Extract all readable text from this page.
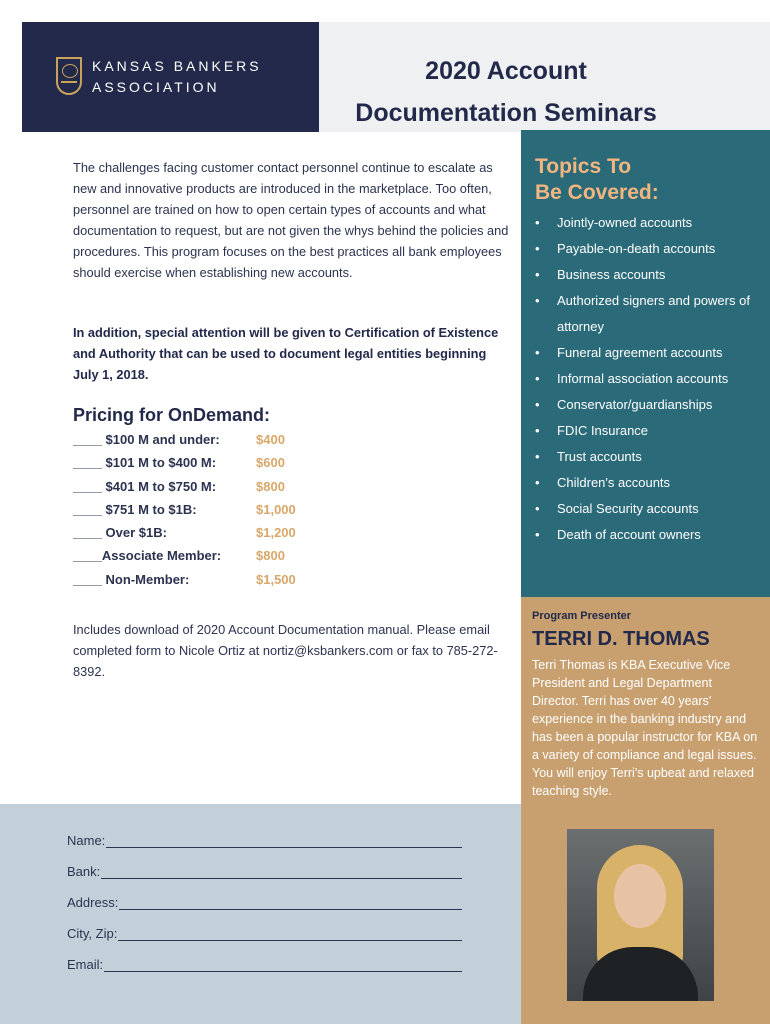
KANSAS BANKERS
ASSOCIATION
2020 Account
Documentation Seminars

The challenges facing customer contact personnel continue to escalate as new and innovative products are introduced in the marketplace. Too often, personnel are trained on how to open certain types of accounts and what documentation to request, but are not given the whys behind the policies and procedures. This program focuses on the best practices all bank employees should exercise when establishing new accounts.

In addition, special attention will be given to Certification of Existence and Authority that can be used to document legal entities beginning July 1, 2018.

Pricing for OnDemand:
____ $100 M and under:	$400
____ $101 M to $400 M:	$600
____ $401 M to $750 M:	$800
____ $751 M to $1B:	$1,000
____ Over $1B:	$1,200
____Associate Member:	$800
____ Non-Member:	$1,500

Includes download of 2020 Account Documentation manual. Please email completed form to Nicole Ortiz at nortiz@ksbankers.com or fax to 785-272-8392.

Topics To
Be Covered:
• Jointly-owned accounts
• Payable-on-death accounts
• Business accounts
• Authorized signers and powers of attorney
• Funeral agreement accounts
• Informal association accounts
• Conservator/guardianships
• FDIC Insurance
• Trust accounts
• Children's accounts
• Social Security accounts
• Death of account owners
Program Presenter
TERRI D. THOMAS
Terri Thomas is KBA Executive Vice President and Legal Department Director. Terri has over 40 years' experience in the banking industry and has been a popular instructor for KBA on a variety of compliance and legal issues. You will enjoy Terri's upbeat and relaxed teaching style.
Name:
Bank:
Address:
City, Zip:
Email:
